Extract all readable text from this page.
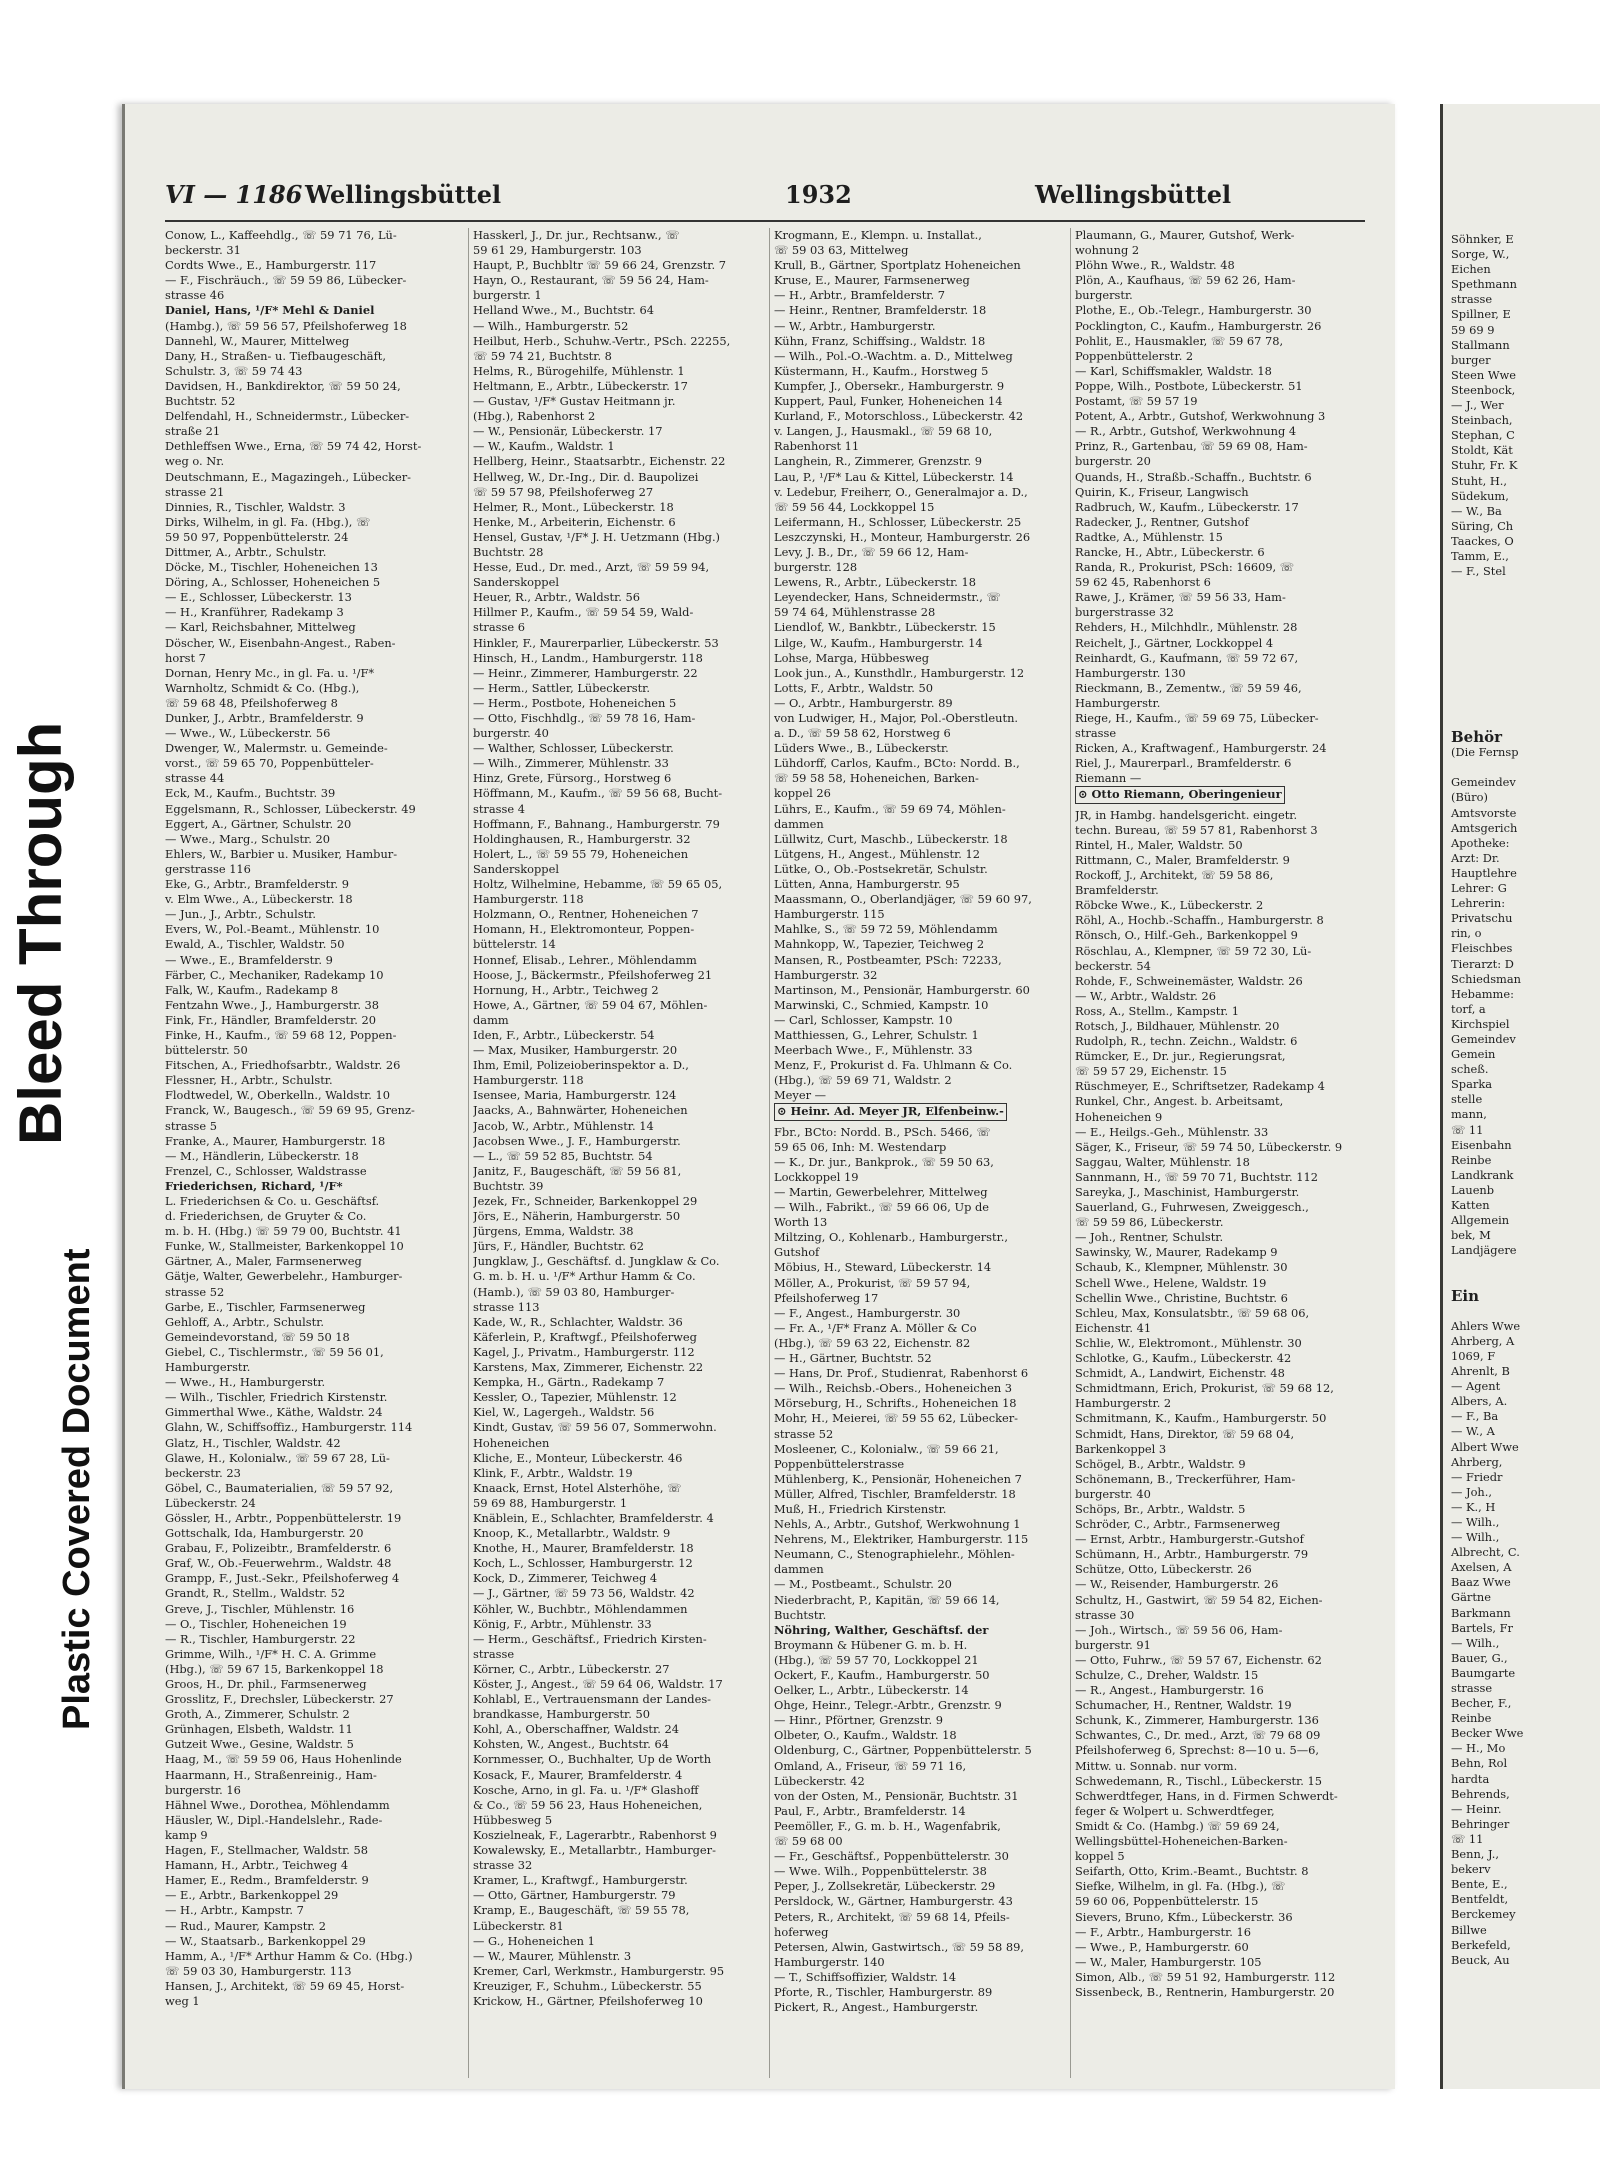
Bleed Through
Plastic Covered Document
VI — 1186 Wellingsbüttel	1932	Wellingsbüttel
Conow, L., Kaffeehdlg., ☏ 59 71 76, Lü-
beckerstr. 31
Cordts Wwe., E., Hamburgerstr. 117
— F., Fischräuch., ☏ 59 59 86, Lübecker-
strasse 46
Daniel, Hans, ¹/F* Mehl & Daniel
(Hambg.), ☏ 59 56 57, Pfeilshoferweg 18
Dannehl, W., Maurer, Mittelweg
Dany, H., Straßen- u. Tiefbaugeschäft,
Schulstr. 3, ☏ 59 74 43
Davidsen, H., Bankdirektor, ☏ 59 50 24,
Buchtstr. 52
Delfendahl, H., Schneidermstr., Lübecker-
straße 21
Dethleffsen Wwe., Erna, ☏ 59 74 42, Horst-
weg o. Nr.
Deutschmann, E., Magazingeh., Lübecker-
strasse 21
Dinnies, R., Tischler, Waldstr. 3
Dirks, Wilhelm, in gl. Fa. (Hbg.), ☏
59 50 97, Poppenbüttelerstr. 24
Dittmer, A., Arbtr., Schulstr.
Döcke, M., Tischler, Hoheneichen 13
Döring, A., Schlosser, Hoheneichen 5
— E., Schlosser, Lübeckerstr. 13
— H., Kranführer, Radekamp 3
— Karl, Reichsbahner, Mittelweg
Döscher, W., Eisenbahn-Angest., Raben-
horst 7
Dornan, Henry Mc., in gl. Fa. u. ¹/F*
Warnholtz, Schmidt & Co. (Hbg.),
☏ 59 68 48, Pfeilshoferweg 8
Dunker, J., Arbtr., Bramfelderstr. 9
— Wwe., W., Lübeckerstr. 56
Dwenger, W., Malermstr. u. Gemeinde-
vorst., ☏ 59 65 70, Poppenbütteler-
strasse 44
Eck, M., Kaufm., Buchtstr. 39
Eggelsmann, R., Schlosser, Lübeckerstr. 49
Eggert, A., Gärtner, Schulstr. 20
— Wwe., Marg., Schulstr. 20
Ehlers, W., Barbier u. Musiker, Hambur-
gerstrasse 116
Eke, G., Arbtr., Bramfelderstr. 9
v. Elm Wwe., A., Lübeckerstr. 18
— Jun., J., Arbtr., Schulstr.
Evers, W., Pol.-Beamt., Mühlenstr. 10
Ewald, A., Tischler, Waldstr. 50
— Wwe., E., Bramfelderstr. 9
Färber, C., Mechaniker, Radekamp 10
Falk, W., Kaufm., Radekamp 8
Fentzahn Wwe., J., Hamburgerstr. 38
Fink, Fr., Händler, Bramfelderstr. 20
Finke, H., Kaufm., ☏ 59 68 12, Poppen-
büttelerstr. 50
Fitschen, A., Friedhofsarbtr., Waldstr. 26
Flessner, H., Arbtr., Schulstr.
Flodtwedel, W., Oberkelln., Waldstr. 10
Franck, W., Baugesch., ☏ 59 69 95, Grenz-
strasse 5
Franke, A., Maurer, Hamburgerstr. 18
— M., Händlerin, Lübeckerstr. 18
Frenzel, C., Schlosser, Waldstrasse
Friederichsen, Richard, ¹/F*
L. Friederichsen & Co. u. Geschäftsf.
d. Friederichsen, de Gruyter & Co.
m. b. H. (Hbg.) ☏ 59 79 00, Buchtstr. 41
Funke, W., Stallmeister, Barkenkoppel 10
Gärtner, A., Maler, Farmsenerweg
Gätje, Walter, Gewerbelehr., Hamburger-
strasse 52
Garbe, E., Tischler, Farmsenerweg
Gehloff, A., Arbtr., Schulstr.
Gemeindevorstand, ☏ 59 50 18
Giebel, C., Tischlermstr., ☏ 59 56 01,
Hamburgerstr.
— Wwe., H., Hamburgerstr.
— Wilh., Tischler, Friedrich Kirstenstr.
Gimmerthal Wwe., Käthe, Waldstr. 24
Glahn, W., Schiffsoffiz., Hamburgerstr. 114
Glatz, H., Tischler, Waldstr. 42
Glawe, H., Kolonialw., ☏ 59 67 28, Lü-
beckerstr. 23
Göbel, C., Baumaterialien, ☏ 59 57 92,
Lübeckerstr. 24
Gössler, H., Arbtr., Poppenbüttelerstr. 19
Gottschalk, Ida, Hamburgerstr. 20
Grabau, F., Polizeibtr., Bramfelderstr. 6
Graf, W., Ob.-Feuerwehrm., Waldstr. 48
Grampp, F., Just.-Sekr., Pfeilshoferweg 4
Grandt, R., Stellm., Waldstr. 52
Greve, J., Tischler, Mühlenstr. 16
— O., Tischler, Hoheneichen 19
— R., Tischler, Hamburgerstr. 22
Grimme, Wilh., ¹/F* H. C. A. Grimme
(Hbg.), ☏ 59 67 15, Barkenkoppel 18
Groos, H., Dr. phil., Farmsenerweg
Grosslitz, F., Drechsler, Lübeckerstr. 27
Groth, A., Zimmerer, Schulstr. 2
Grünhagen, Elsbeth, Waldstr. 11
Gutzeit Wwe., Gesine, Waldstr. 5
Haag, M., ☏ 59 59 06, Haus Hohenlinde
Haarmann, H., Straßenreinig., Ham-
burgerstr. 16
Hähnel Wwe., Dorothea, Möhlendamm
Häusler, W., Dipl.-Handelslehr., Rade-
kamp 9
Hagen, F., Stellmacher, Waldstr. 58
Hamann, H., Arbtr., Teichweg 4
Hamer, E., Redm., Bramfelderstr. 9
— E., Arbtr., Barkenkoppel 29
— H., Arbtr., Kampstr. 7
— Rud., Maurer, Kampstr. 2
— W., Staatsarb., Barkenkoppel 29
Hamm, A., ¹/F* Arthur Hamm & Co. (Hbg.)
☏ 59 03 30, Hamburgerstr. 113
Hansen, J., Architekt, ☏ 59 69 45, Horst-
weg 1
Hasskerl, J., Dr. jur., Rechtsanw., ☏
59 61 29, Hamburgerstr. 103
Haupt, P., Buchbltr ☏ 59 66 24, Grenzstr. 7
Hayn, O., Restaurant, ☏ 59 56 24, Ham-
burgerstr. 1
Helland Wwe., M., Buchtstr. 64
— Wilh., Hamburgerstr. 52
Heilbut, Herb., Schuhw.-Vertr., PSch. 22255,
☏ 59 74 21, Buchtstr. 8
Helms, R., Bürogehilfe, Mühlenstr. 1
Heltmann, E., Arbtr., Lübeckerstr. 17
— Gustav, ¹/F* Gustav Heitmann jr.
(Hbg.), Rabenhorst 2
— W., Pensionär, Lübeckerstr. 17
— W., Kaufm., Waldstr. 1
Hellberg, Heinr., Staatsarbtr., Eichenstr. 22
Hellweg, W., Dr.-Ing., Dir. d. Baupolizei
☏ 59 57 98, Pfeilshoferweg 27
Helmer, R., Mont., Lübeckerstr. 18
Henke, M., Arbeiterin, Eichenstr. 6
Hensel, Gustav, ¹/F* J. H. Uetzmann (Hbg.)
Buchtstr. 28
Hesse, Eud., Dr. med., Arzt, ☏ 59 59 94,
Sanderskoppel
Heuer, R., Arbtr., Waldstr. 56
Hillmer P., Kaufm., ☏ 59 54 59, Wald-
strasse 6
Hinkler, F., Maurerparlier, Lübeckerstr. 53
Hinsch, H., Landm., Hamburgerstr. 118
— Heinr., Zimmerer, Hamburgerstr. 22
— Herm., Sattler, Lübeckerstr.
— Herm., Postbote, Hoheneichen 5
— Otto, Fischhdlg., ☏ 59 78 16, Ham-
burgerstr. 40
— Walther, Schlosser, Lübeckerstr.
— Wilh., Zimmerer, Mühlenstr. 33
Hinz, Grete, Fürsorg., Horstweg 6
Höffmann, M., Kaufm., ☏ 59 56 68, Bucht-
strasse 4
Hoffmann, F., Bahnang., Hamburgerstr. 79
Holdinghausen, R., Hamburgerstr. 32
Holert, L., ☏ 59 55 79, Hoheneichen
Sanderskoppel
Holtz, Wilhelmine, Hebamme, ☏ 59 65 05,
Hamburgerstr. 118
Holzmann, O., Rentner, Hoheneichen 7
Homann, H., Elektromonteur, Poppen-
büttelerstr. 14
Honnef, Elisab., Lehrer., Möhlendamm
Hoose, J., Bäckermstr., Pfeilshoferweg 21
Hornung, H., Arbtr., Teichweg 2
Howe, A., Gärtner, ☏ 59 04 67, Möhlen-
damm
Iden, F., Arbtr., Lübeckerstr. 54
— Max, Musiker, Hamburgerstr. 20
Ihm, Emil, Polizeioberinspektor a. D.,
Hamburgerstr. 118
Isensee, Maria, Hamburgerstr. 124
Jaacks, A., Bahnwärter, Hoheneichen
Jacob, W., Arbtr., Mühlenstr. 14
Jacobsen Wwe., J. F., Hamburgerstr.
— L., ☏ 59 52 85, Buchtstr. 54
Janitz, F., Baugeschäft, ☏ 59 56 81,
Buchtstr. 39
Jezek, Fr., Schneider, Barkenkoppel 29
Jörs, E., Näherin, Hamburgerstr. 50
Jürgens, Emma, Waldstr. 38
Jürs, F., Händler, Buchtstr. 62
Jungklaw, J., Geschäftsf. d. Jungklaw & Co.
G. m. b. H. u. ¹/F* Arthur Hamm & Co.
(Hamb.), ☏ 59 03 80, Hamburger-
strasse 113
Kade, W., R., Schlachter, Waldstr. 36
Käferlein, P., Kraftwgf., Pfeilshoferweg
Kagel, J., Privatm., Hamburgerstr. 112
Karstens, Max, Zimmerer, Eichenstr. 22
Kempka, H., Gärtn., Radekamp 7
Kessler, O., Tapezier, Mühlenstr. 12
Kiel, W., Lagergeh., Waldstr. 56
Kindt, Gustav, ☏ 59 56 07, Sommerwohn.
Hoheneichen
Kliche, E., Monteur, Lübeckerstr. 46
Klink, F., Arbtr., Waldstr. 19
Knaack, Ernst, Hotel Alsterhöhe, ☏
59 69 88, Hamburgerstr. 1
Knäblein, E., Schlachter, Bramfelderstr. 4
Knoop, K., Metallarbtr., Waldstr. 9
Knothe, H., Maurer, Bramfelderstr. 18
Koch, L., Schlosser, Hamburgerstr. 12
Kock, D., Zimmerer, Teichweg 4
— J., Gärtner, ☏ 59 73 56, Waldstr. 42
Köhler, W., Buchbtr., Möhlendammen
König, F., Arbtr., Mühlenstr. 33
— Herm., Geschäftsf., Friedrich Kirsten-
strasse
Körner, C., Arbtr., Lübeckerstr. 27
Köster, J., Angest., ☏ 59 64 06, Waldstr. 17
Kohlabl, E., Vertrauensmann der Landes-
brandkasse, Hamburgerstr. 50
Kohl, A., Oberschaffner, Waldstr. 24
Kohsten, W., Angest., Buchtstr. 64
Kornmesser, O., Buchhalter, Up de Worth
Kosack, F., Maurer, Bramfelderstr. 4
Kosche, Arno, in gl. Fa. u. ¹/F* Glashoff
& Co., ☏ 59 56 23, Haus Hoheneichen,
Hübbesweg 5
Koszielneak, F., Lagerarbtr., Rabenhorst 9
Kowalewsky, E., Metallarbtr., Hamburger-
strasse 32
Kramer, L., Kraftwgf., Hamburgerstr.
— Otto, Gärtner, Hamburgerstr. 79
Kramp, E., Baugeschäft, ☏ 59 55 78,
Lübeckerstr. 81
— G., Hoheneichen 1
— W., Maurer, Mühlenstr. 3
Kremer, Carl, Werkmstr., Hamburgerstr. 95
Kreuziger, F., Schuhm., Lübeckerstr. 55
Krickow, H., Gärtner, Pfeilshoferweg 10
Krogmann, E., Klempn. u. Installat.,
☏ 59 03 63, Mittelweg
Krull, B., Gärtner, Sportplatz Hoheneichen
Kruse, E., Maurer, Farmsenerweg
— H., Arbtr., Bramfelderstr. 7
— Heinr., Rentner, Bramfelderstr. 18
— W., Arbtr., Hamburgerstr.
Kühn, Franz, Schiffsing., Waldstr. 18
— Wilh., Pol.-O.-Wachtm. a. D., Mittelweg
Küstermann, H., Kaufm., Horstweg 5
Kumpfer, J., Obersekr., Hamburgerstr. 9
Kuppert, Paul, Funker, Hoheneichen 14
Kurland, F., Motorschloss., Lübeckerstr. 42
v. Langen, J., Hausmakl., ☏ 59 68 10,
Rabenhorst 11
Langhein, R., Zimmerer, Grenzstr. 9
Lau, P., ¹/F* Lau & Kittel, Lübeckerstr. 14
v. Ledebur, Freiherr, O., Generalmajor a. D.,
☏ 59 56 44, Lockkoppel 15
Leifermann, H., Schlosser, Lübeckerstr. 25
Leszczynski, H., Monteur, Hamburgerstr. 26
Levy, J. B., Dr., ☏ 59 66 12, Ham-
burgerstr. 128
Lewens, R., Arbtr., Lübeckerstr. 18
Leyendecker, Hans, Schneidermstr., ☏
59 74 64, Mühlenstrasse 28
Liendlof, W., Bankbtr., Lübeckerstr. 15
Lilge, W., Kaufm., Hamburgerstr. 14
Lohse, Marga, Hübbesweg
Look jun., A., Kunsthdlr., Hamburgerstr. 12
Lotts, F., Arbtr., Waldstr. 50
— O., Arbtr., Hamburgerstr. 89
von Ludwiger, H., Major, Pol.-Oberstleutn.
a. D., ☏ 59 58 62, Horstweg 6
Lüders Wwe., B., Lübeckerstr.
Lühdorff, Carlos, Kaufm., BCto: Nordd. B.,
☏ 59 58 58, Hoheneichen, Barken-
koppel 26
Lührs, E., Kaufm., ☏ 59 69 74, Möhlen-
dammen
Lüllwitz, Curt, Maschb., Lübeckerstr. 18
Lütgens, H., Angest., Mühlenstr. 12
Lütke, O., Ob.-Postsekretär, Schulstr.
Lütten, Anna, Hamburgerstr. 95
Maassmann, O., Oberlandjäger, ☏ 59 60 97,
Hamburgerstr. 115
Mahlke, S., ☏ 59 72 59, Möhlendamm
Mahnkopp, W., Tapezier, Teichweg 2
Mansen, R., Postbeamter, PSch: 72233,
Hamburgerstr. 32
Martinson, M., Pensionär, Hamburgerstr. 60
Marwinski, C., Schmied, Kampstr. 10
— Carl, Schlosser, Kampstr. 10
Matthiessen, G., Lehrer, Schulstr. 1
Meerbach Wwe., F., Mühlenstr. 33
Menz, F., Prokurist d. Fa. Uhlmann & Co.
(Hbg.), ☏ 59 69 71, Waldstr. 2
Meyer —
⊙ Heinr. Ad. Meyer JR, Elfenbeinw.-
Fbr., BCto: Nordd. B., PSch. 5466, ☏
59 65 06, Inh: M. Westendarp
— K., Dr. jur., Bankprok., ☏ 59 50 63,
Lockkoppel 19
— Martin, Gewerbelehrer, Mittelweg
— Wilh., Fabrikt., ☏ 59 66 06, Up de
Worth 13
Miltzing, O., Kohlenarb., Hamburgerstr.,
Gutshof
Möbius, H., Steward, Lübeckerstr. 14
Möller, A., Prokurist, ☏ 59 57 94,
Pfeilshoferweg 17
— F., Angest., Hamburgerstr. 30
— Fr. A., ¹/F* Franz A. Möller & Co
(Hbg.), ☏ 59 63 22, Eichenstr. 82
— H., Gärtner, Buchtstr. 52
— Hans, Dr. Prof., Studienrat, Rabenhorst 6
— Wilh., Reichsb.-Obers., Hoheneichen 3
Mörseburg, H., Schrifts., Hoheneichen 18
Mohr, H., Meierei, ☏ 59 55 62, Lübecker-
strasse 52
Mosleener, C., Kolonialw., ☏ 59 66 21,
Poppenbüttelerstrasse
Mühlenberg, K., Pensionär, Hoheneichen 7
Müller, Alfred, Tischler, Bramfelderstr. 18
Muß, H., Friedrich Kirstenstr.
Nehls, A., Arbtr., Gutshof, Werkwohnung 1
Nehrens, M., Elektriker, Hamburgerstr. 115
Neumann, C., Stenographielehr., Möhlen-
dammen
— M., Postbeamt., Schulstr. 20
Niederbracht, P., Kapitän, ☏ 59 66 14,
Buchtstr.
Nöhring, Walther, Geschäftsf. der
Broymann & Hübener G. m. b. H.
(Hbg.), ☏ 59 57 70, Lockkoppel 21
Ockert, F., Kaufm., Hamburgerstr. 50
Oelker, L., Arbtr., Lübeckerstr. 14
Ohge, Heinr., Telegr.-Arbtr., Grenzstr. 9
— Hinr., Pförtner, Grenzstr. 9
Olbeter, O., Kaufm., Waldstr. 18
Oldenburg, C., Gärtner, Poppenbüttelerstr. 5
Omland, A., Friseur, ☏ 59 71 16,
Lübeckerstr. 42
von der Osten, M., Pensionär, Buchtstr. 31
Paul, F., Arbtr., Bramfelderstr. 14
Peemöller, F., G. m. b. H., Wagenfabrik,
☏ 59 68 00
— Fr., Geschäftsf., Poppenbüttelerstr. 30
— Wwe. Wilh., Poppenbüttelerstr. 38
Peper, J., Zollsekretär, Lübeckerstr. 29
Persldock, W., Gärtner, Hamburgerstr. 43
Peters, R., Architekt, ☏ 59 68 14, Pfeils-
hoferweg
Petersen, Alwin, Gastwirtsch., ☏ 59 58 89,
Hamburgerstr. 140
— T., Schiffsoffizier, Waldstr. 14
Pforte, R., Tischler, Hamburgerstr. 89
Pickert, R., Angest., Hamburgerstr.
Plaumann, G., Maurer, Gutshof, Werk-
wohnung 2
Plöhn Wwe., R., Waldstr. 48
Plön, A., Kaufhaus, ☏ 59 62 26, Ham-
burgerstr.
Plothe, E., Ob.-Telegr., Hamburgerstr. 30
Pocklington, C., Kaufm., Hamburgerstr. 26
Pohlit, E., Hausmakler, ☏ 59 67 78,
Poppenbüttelerstr. 2
— Karl, Schiffsmakler, Waldstr. 18
Poppe, Wilh., Postbote, Lübeckerstr. 51
Postamt, ☏ 59 57 19
Potent, A., Arbtr., Gutshof, Werkwohnung 3
— R., Arbtr., Gutshof, Werkwohnung 4
Prinz, R., Gartenbau, ☏ 59 69 08, Ham-
burgerstr. 20
Quands, H., Straßb.-Schaffn., Buchtstr. 6
Quirin, K., Friseur, Langwisch
Radbruch, W., Kaufm., Lübeckerstr. 17
Radecker, J., Rentner, Gutshof
Radtke, A., Mühlenstr. 15
Rancke, H., Abtr., Lübeckerstr. 6
Randa, R., Prokurist, PSch: 16609, ☏
59 62 45, Rabenhorst 6
Rawe, J., Krämer, ☏ 59 56 33, Ham-
burgerstrasse 32
Rehders, H., Milchhdlr., Mühlenstr. 28
Reichelt, J., Gärtner, Lockkoppel 4
Reinhardt, G., Kaufmann, ☏ 59 72 67,
Hamburgerstr. 130
Rieckmann, B., Zementw., ☏ 59 59 46,
Hamburgerstr.
Riege, H., Kaufm., ☏ 59 69 75, Lübecker-
strasse
Ricken, A., Kraftwagenf., Hamburgerstr. 24
Riel, J., Maurerparl., Bramfelderstr. 6
Riemann —
⊙ Otto Riemann, Oberingenieur
JR, in Hambg. handelsgericht. eingetr.
techn. Bureau, ☏ 59 57 81, Rabenhorst 3
Rintel, H., Maler, Waldstr. 50
Rittmann, C., Maler, Bramfelderstr. 9
Rockoff, J., Architekt, ☏ 59 58 86,
Bramfelderstr.
Röbcke Wwe., K., Lübeckerstr. 2
Röhl, A., Hochb.-Schaffn., Hamburgerstr. 8
Rönsch, O., Hilf.-Geh., Barkenkoppel 9
Röschlau, A., Klempner, ☏ 59 72 30, Lü-
beckerstr. 54
Rohde, F., Schweinemäster, Waldstr. 26
— W., Arbtr., Waldstr. 26
Ross, A., Stellm., Kampstr. 1
Rotsch, J., Bildhauer, Mühlenstr. 20
Rudolph, R., techn. Zeichn., Waldstr. 6
Rümcker, E., Dr. jur., Regierungsrat,
☏ 59 57 29, Eichenstr. 15
Rüschmeyer, E., Schriftsetzer, Radekamp 4
Runkel, Chr., Angest. b. Arbeitsamt,
Hoheneichen 9
— E., Heilgs.-Geh., Mühlenstr. 33
Säger, K., Friseur, ☏ 59 74 50, Lübeckerstr. 9
Saggau, Walter, Mühlenstr. 18
Sannmann, H., ☏ 59 70 71, Buchtstr. 112
Sareyka, J., Maschinist, Hamburgerstr.
Sauerland, G., Fuhrwesen, Zweiggesch.,
☏ 59 59 86, Lübeckerstr.
— Joh., Rentner, Schulstr.
Sawinsky, W., Maurer, Radekamp 9
Schaub, K., Klempner, Mühlenstr. 30
Schell Wwe., Helene, Waldstr. 19
Schellin Wwe., Christine, Buchtstr. 6
Schleu, Max, Konsulatsbtr., ☏ 59 68 06,
Eichenstr. 41
Schlie, W., Elektromont., Mühlenstr. 30
Schlotke, G., Kaufm., Lübeckerstr. 42
Schmidt, A., Landwirt, Eichenstr. 48
Schmidtmann, Erich, Prokurist, ☏ 59 68 12,
Hamburgerstr. 2
Schmitmann, K., Kaufm., Hamburgerstr. 50
Schmidt, Hans, Direktor, ☏ 59 68 04,
Barkenkoppel 3
Schögel, B., Arbtr., Waldstr. 9
Schönemann, B., Treckerführer, Ham-
burgerstr. 40
Schöps, Br., Arbtr., Waldstr. 5
Schröder, C., Arbtr., Farmsenerweg
— Ernst, Arbtr., Hamburgerstr.-Gutshof
Schümann, H., Arbtr., Hamburgerstr. 79
Schütze, Otto, Lübeckerstr. 26
— W., Reisender, Hamburgerstr. 26
Schultz, H., Gastwirt, ☏ 59 54 82, Eichen-
strasse 30
— Joh., Wirtsch., ☏ 59 56 06, Ham-
burgerstr. 91
— Otto, Fuhrw., ☏ 59 57 67, Eichenstr. 62
Schulze, C., Dreher, Waldstr. 15
— R., Angest., Hamburgerstr. 16
Schumacher, H., Rentner, Waldstr. 19
Schunk, K., Zimmerer, Hamburgerstr. 136
Schwantes, C., Dr. med., Arzt, ☏ 79 68 09
Pfeilshoferweg 6, Sprechst: 8—10 u. 5—6,
Mittw. u. Sonnab. nur vorm.
Schwedemann, R., Tischl., Lübeckerstr. 15
Schwerdtfeger, Hans, in d. Firmen Schwerdt-
feger & Wolpert u. Schwerdtfeger,
Smidt & Co. (Hambg.) ☏ 59 69 24,
Wellingsbüttel-Hoheneichen-Barken-
koppel 5
Seifarth, Otto, Krim.-Beamt., Buchtstr. 8
Siefke, Wilhelm, in gl. Fa. (Hbg.), ☏
59 60 06, Poppenbüttelerstr. 15
Sievers, Bruno, Kfm., Lübeckerstr. 36
— F., Arbtr., Hamburgerstr. 16
— Wwe., P., Hamburgerstr. 60
— W., Maler, Hamburgerstr. 105
Simon, Alb., ☏ 59 51 92, Hamburgerstr. 112
Sissenbeck, B., Rentnerin, Hamburgerstr. 20
Söhnker, E
Sorge, W.,
Eichen
Spethmann
strasse
Spillner, E
59 69 9
Stallmann
burger
Steen Wwe
Steenbock,
— J., Wer
Steinbach,
Stephan, C
Stoldt, Kät
Stuhr, Fr. K
Stuht, H.,
Südekum,
— W., Ba
Süring, Ch
Taackes, O
Tamm, E.,
— F., Stel

Behör
(Die Fernsp

Gemeindev
(Büro)
Amtsvorste
Amtsgerich
Apotheke:
Arzt: Dr.
Hauptlehre
Lehrer: G
Lehrerin:
Privatschu
rin, o
Fleischbes
Tierarzt: D
Schiedsman
Hebamme:
torf, a
Kirchspiel
Gemeindev
Gemein
scheß.
Sparka
stelle
mann,
☏ 11
Eisenbahn
Reinbe
Landkrank
Lauenb
Katten
Allgemein
bek, M
Landjägere

Ein

Ahlers Wwe
Ahrberg, A
1069, F
Ahrenlt, B
— Agent
Albers, A.
— F., Ba
— W., A
Albert Wwe
Ahrberg,
— Friedr
— Joh.,
— K., H
— Wilh.,
— Wilh.,
Albrecht, C.
Axelsen, A
Baaz Wwe
Gärtne
Barkmann
Bartels, Fr
— Wilh.,
Bauer, G.,
Baumgarte
strasse
Becher, F.,
Reinbe
Becker Wwe
— H., Mo
Behn, Rol
hardta
Behrends,
— Heinr.
Behringer
☏ 11
Benn, J.,
bekerv
Bente, E.,
Bentfeldt,
Berckemey
Billwe
Berkefeld,
Beuck, Au
